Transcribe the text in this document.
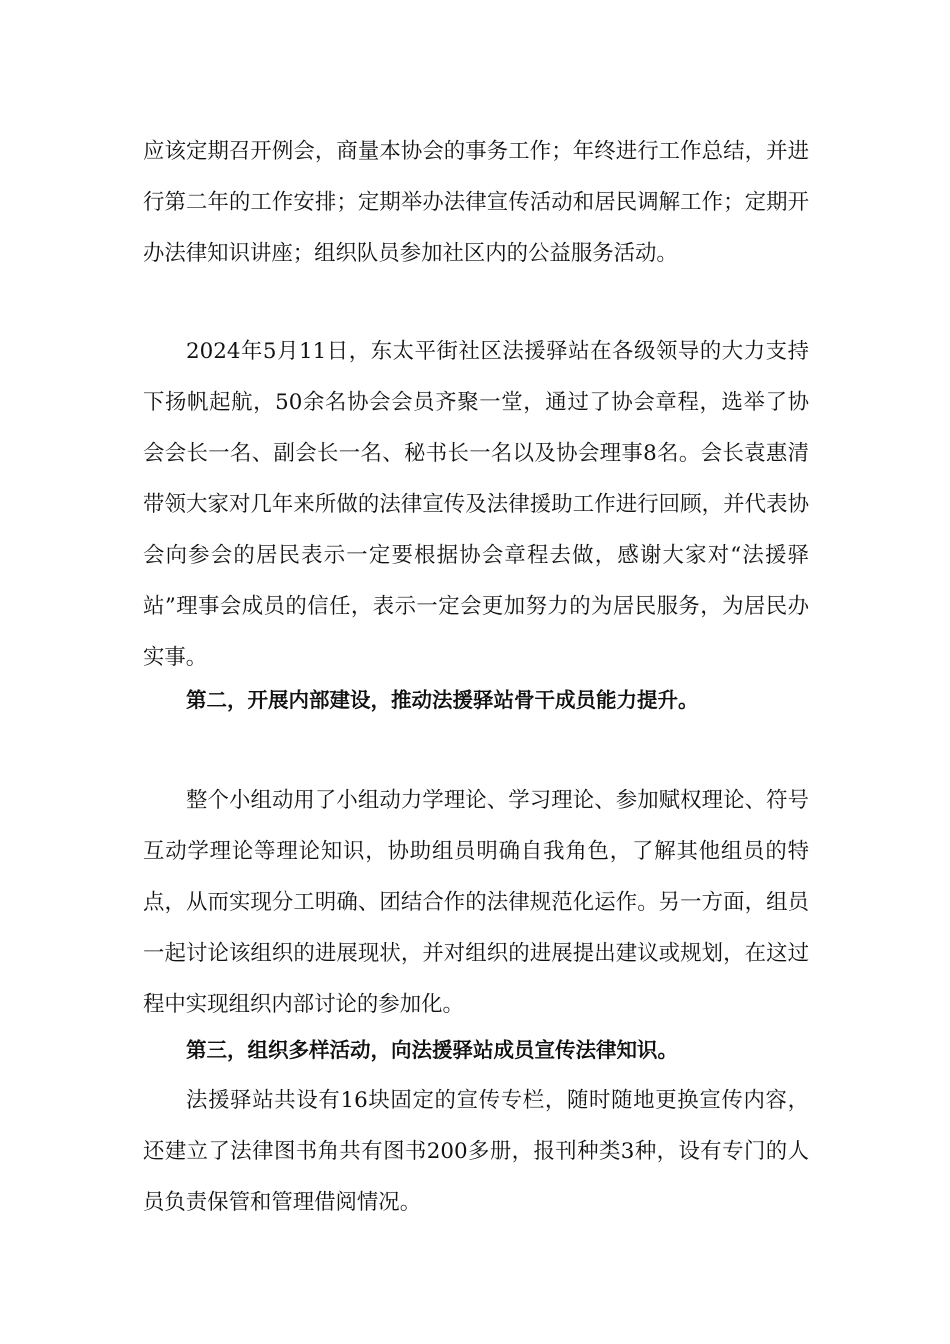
应该定期召开例会，商量本协会的事务工作；年终进行工作总结，并进行第二年的工作安排；定期举办法律宣传活动和居民调解工作；定期开办法律知识讲座；组织队员参加社区内的公益服务活动。

2024年5月11日，东太平街社区法援驿站在各级领导的大力支持下扬帆起航，50余名协会会员齐聚一堂，通过了协会章程，选举了协会会长一名、副会长一名、秘书长一名以及协会理事8名。会长袁惠清带领大家对几年来所做的法律宣传及法律援助工作进行回顾，并代表协会向参会的居民表示一定要根据协会章程去做，感谢大家对“法援驿站”理事会成员的信任，表示一定会更加努力的为居民服务，为居民办实事。

第二，开展内部建设，推动法援驿站骨干成员能力提升。

整个小组动用了小组动力学理论、学习理论、参加赋权理论、符号互动学理论等理论知识，协助组员明确自我角色，了解其他组员的特点，从而实现分工明确、团结合作的法律规范化运作。另一方面，组员一起讨论该组织的进展现状，并对组织的进展提出建议或规划，在这过程中实现组织内部讨论的参加化。

第三，组织多样活动，向法援驿站成员宣传法律知识。

法援驿站共设有16块固定的宣传专栏，随时随地更换宣传内容，还建立了法律图书角共有图书200多册，报刊种类3种，设有专门的人员负责保管和管理借阅情况。
